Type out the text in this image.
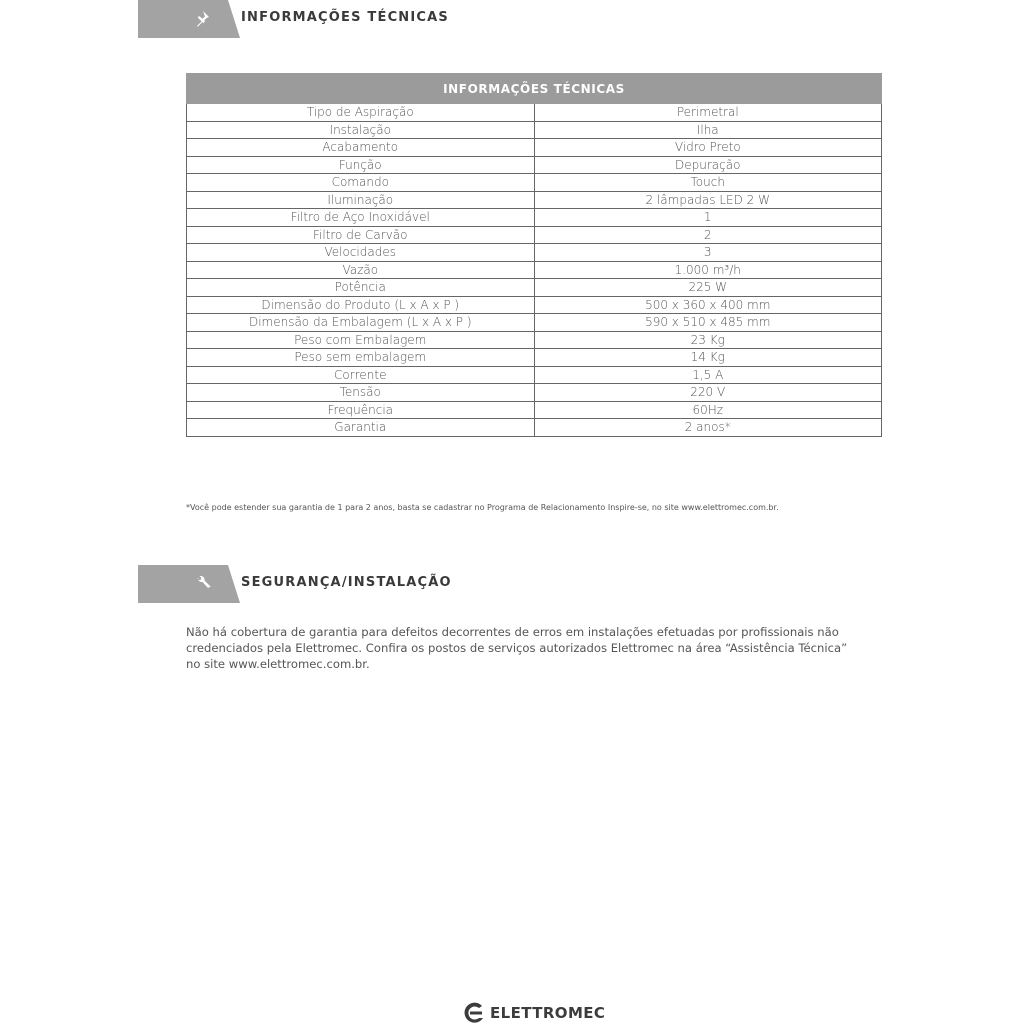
INFORMAÇÕES TÉCNICAS
INFORMAÇÕES TÉCNICAS	
Tipo de Aspiração	Perimetral
Instalação	Ilha
Acabamento	Vidro Preto
Função	Depuração
Comando	Touch
Iluminação	2 lâmpadas LED 2 W
Filtro de Aço Inoxidável	1
Filtro de Carvão	2
Velocidades	3
Vazão	1.000 m³/h
Potência	225 W
Dimensão do Produto (L x A x P )	500 x 360 x 400 mm
Dimensão da Embalagem (L x A x P )	590 x 510 x 485 mm
Peso com Embalagem	23 Kg
Peso sem embalagem	14 Kg
Corrente	1,5 A
Tensão	220 V
Frequência	60Hz
Garantia	2 anos*
*Você pode estender sua garantia de 1 para 2 anos, basta se cadastrar no Programa de Relacionamento Inspire-se, no site www.elettromec.com.br.
SEGURANÇA/INSTALAÇÃO
Não há cobertura de garantia para defeitos decorrentes de erros em instalações efetuadas por profissionais não credenciados pela Elettromec. Confira os postos de serviços autorizados Elettromec na área “Assistência Técnica” no site www.elettromec.com.br.
ELETTROMEC
